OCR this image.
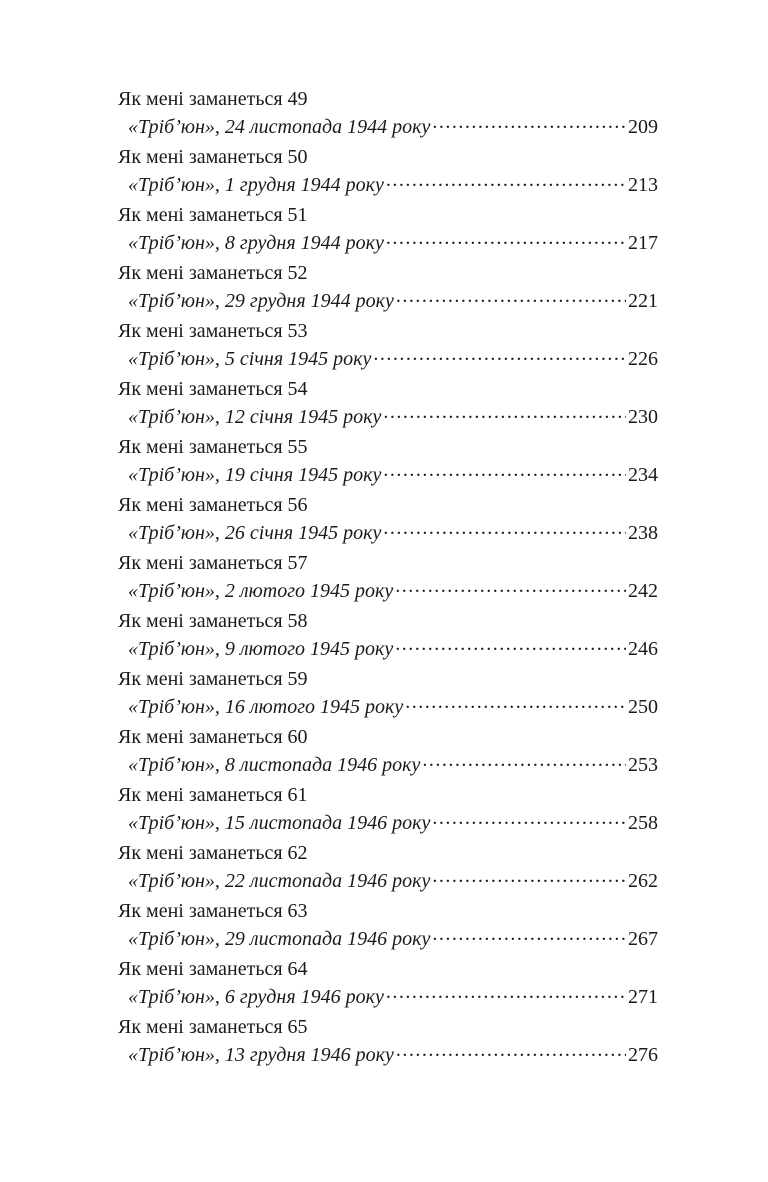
Як мені заманеться 49
«Тріб’юн», 24 листопада 1944 року .....	209
Як мені заманеться 50
«Тріб’юн», 1 грудня 1944 року .....	213
Як мені заманеться 51
«Тріб’юн», 8 грудня 1944 року .....	217
Як мені заманеться 52
«Тріб’юн», 29 грудня 1944 року .....	221
Як мені заманеться 53
«Тріб’юн», 5 січня 1945 року .....	226
Як мені заманеться 54
«Тріб’юн», 12 січня 1945 року .....	230
Як мені заманеться 55
«Тріб’юн», 19 січня 1945 року .....	234
Як мені заманеться 56
«Тріб’юн», 26 січня 1945 року .....	238
Як мені заманеться 57
«Тріб’юн», 2 лютого 1945 року .....	242
Як мені заманеться 58
«Тріб’юн», 9 лютого 1945 року .....	246
Як мені заманеться 59
«Тріб’юн», 16 лютого 1945 року .....	250
Як мені заманеться 60
«Тріб’юн», 8 листопада 1946 року .....	253
Як мені заманеться 61
«Тріб’юн», 15 листопада 1946 року .....	258
Як мені заманеться 62
«Тріб’юн», 22 листопада 1946 року .....	262
Як мені заманеться 63
«Тріб’юн», 29 листопада 1946 року .....	267
Як мені заманеться 64
«Тріб’юн», 6 грудня 1946 року .....	271
Як мені заманеться 65
«Тріб’юн», 13 грудня 1946 року .....	276
